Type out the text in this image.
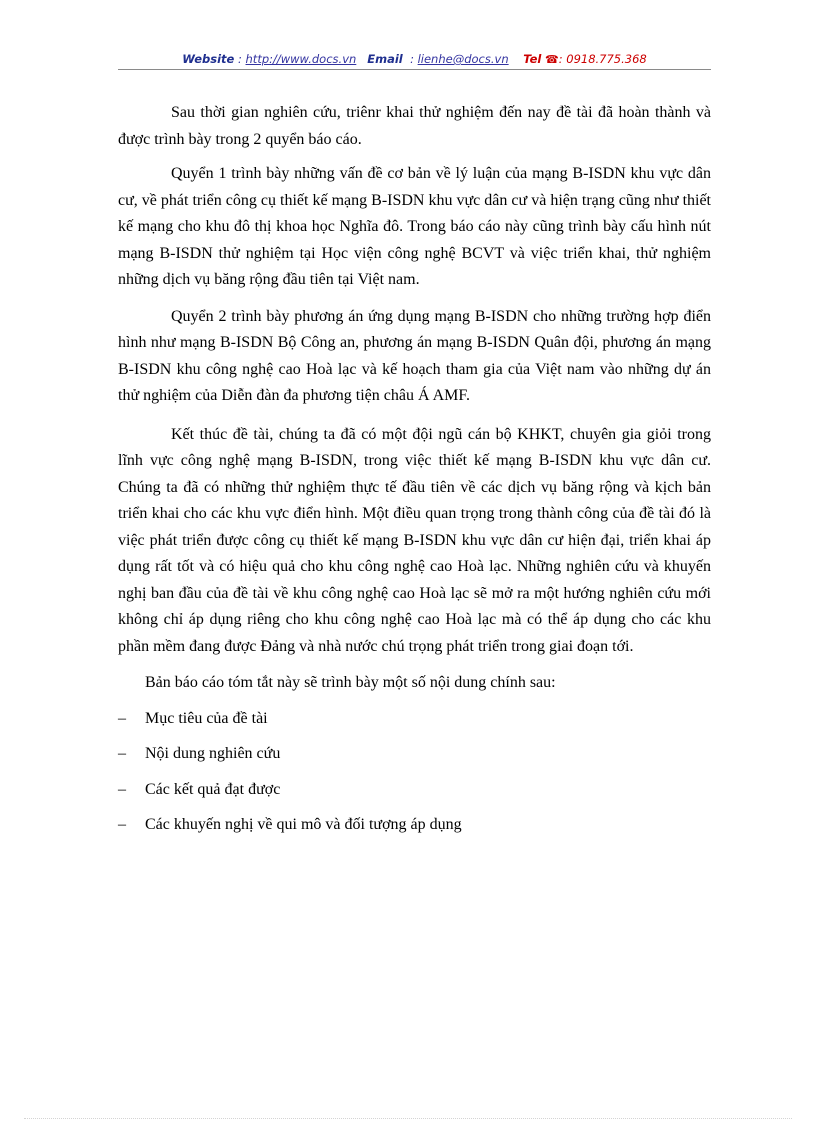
Website : http://www.docs.vn Email : lienhe@docs.vn Tel ☎: 0918.775.368

Sau thời gian nghiên cứu, triênr khai thử nghiệm đến nay đề tài đã hoàn thành và được trình bày trong 2 quyển báo cáo.

Quyển 1 trình bày những vấn đề cơ bản về lý luận của mạng B-ISDN khu vực dân cư, về phát triển công cụ thiết kế mạng B-ISDN khu vực dân cư và hiện trạng cũng như thiết kế mạng cho khu đô thị khoa học Nghĩa đô. Trong báo cáo này cũng trình bày cấu hình nút mạng B-ISDN thử nghiệm tại Học viện công nghệ BCVT và việc triển khai, thử nghiệm những dịch vụ băng rộng đầu tiên tại Việt nam.

Quyển 2 trình bày phương án ứng dụng mạng B-ISDN cho những trường hợp điển hình như mạng B-ISDN Bộ Công an, phương án mạng B-ISDN Quân đội, phương án mạng B-ISDN khu công nghệ cao Hoà lạc và kế hoạch tham gia của Việt nam vào những dự án thử nghiệm của Diễn đàn đa phương tiện châu Á AMF.

Kết thúc đề tài, chúng ta đã có một đội ngũ cán bộ KHKT, chuyên gia giỏi trong lĩnh vực công nghệ mạng B-ISDN, trong việc thiết kế mạng B-ISDN khu vực dân cư. Chúng ta đã có những thử nghiệm thực tế đầu tiên về các dịch vụ băng rộng và kịch bản triển khai cho các khu vực điển hình. Một điều quan trọng trong thành công của đề tài đó là việc phát triển được công cụ thiết kế mạng B-ISDN khu vực dân cư hiện đại, triển khai áp dụng rất tốt và có hiệu quả cho khu công nghệ cao Hoà lạc. Những nghiên cứu và khuyến nghị ban đầu của đề tài về khu công nghệ cao Hoà lạc sẽ mở ra một hướng nghiên cứu mới không chỉ áp dụng riêng cho khu công nghệ cao Hoà lạc mà có thể áp dụng cho các khu phần mềm đang được Đảng và nhà nước chú trọng phát triển trong giai đoạn tới.

Bản báo cáo tóm tắt này sẽ trình bày một số nội dung chính sau:

– Mục tiêu của đề tài
– Nội dung nghiên cứu
– Các kết quả đạt được
– Các khuyến nghị về qui mô và đối tượng áp dụng
